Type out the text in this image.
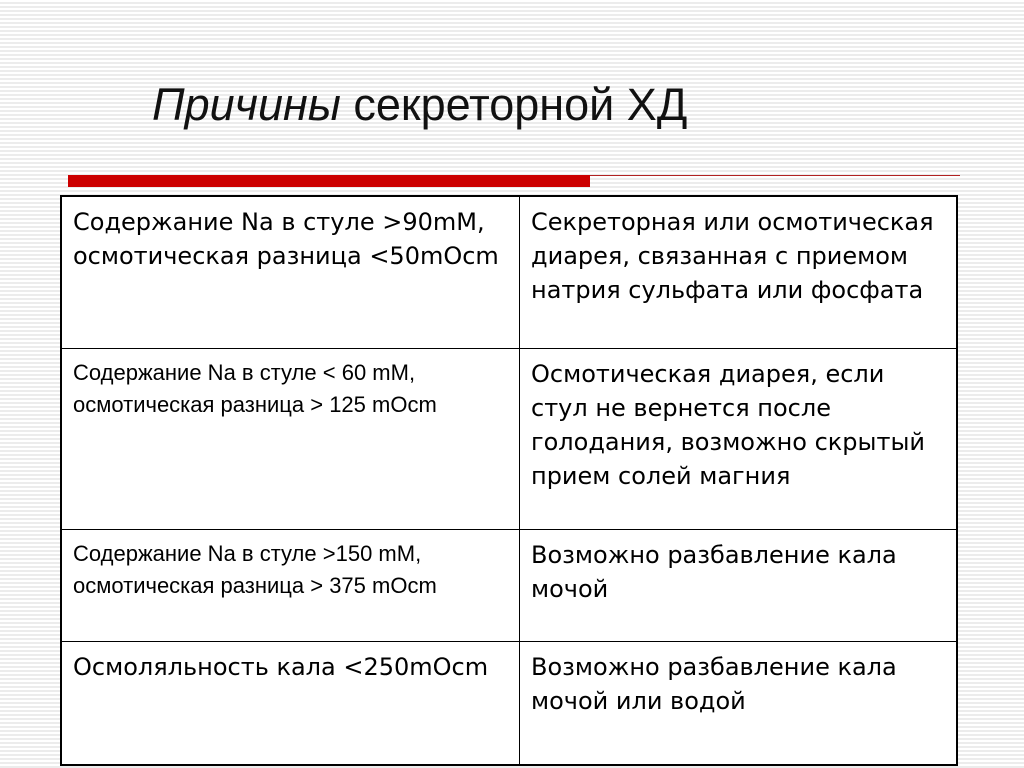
Причины секреторной ХД
Содержание Na в стуле >90mM, осмотическая разница <50mOcm	Секреторная или осмотическая диарея, связанная с приемом натрия сульфата или фосфата

Содержание Na в стуле < 60 mM, осмотическая разница > 125 mOcm	Осмотическая диарея, если стул не вернется после голодания, возможно скрытый прием солей магния

Содержание Na в стуле >150 mM, осмотическая разница > 375 mOcm	Возможно разбавление кала мочой

Осмоляльность кала <250mOcm	Возможно разбавление кала мочой или водой
